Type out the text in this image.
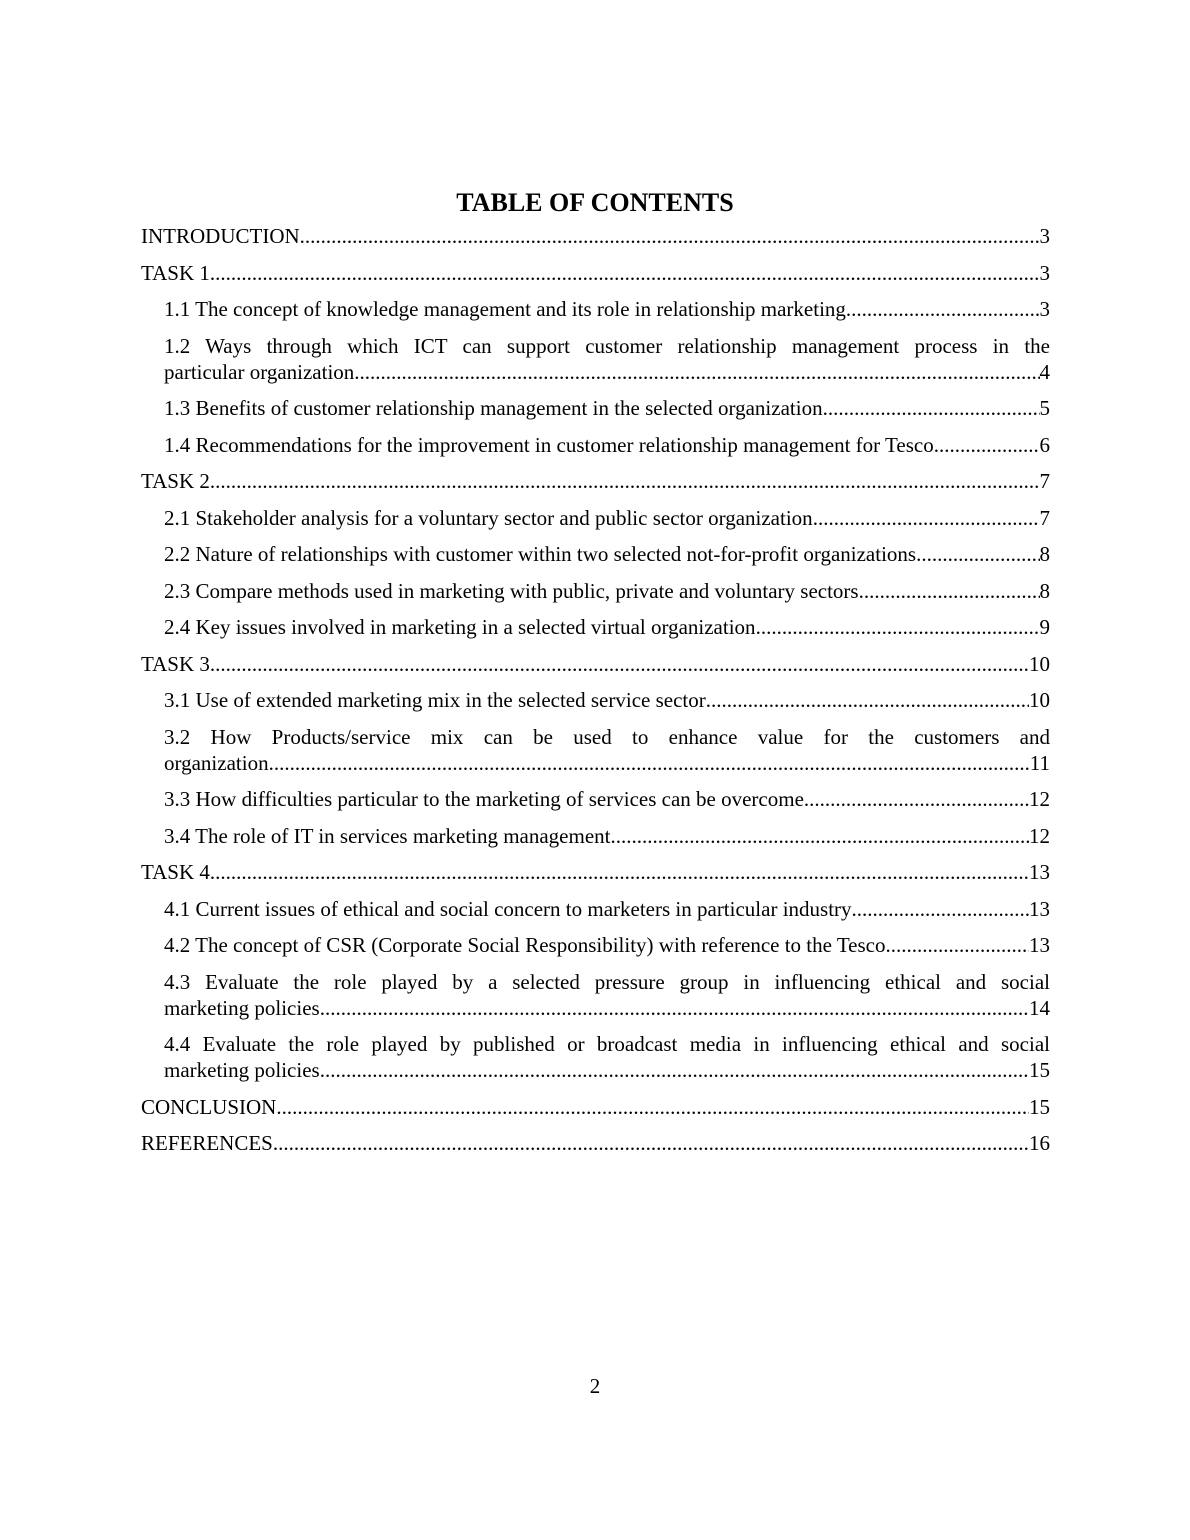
TABLE OF CONTENTS
INTRODUCTION .....	3
TASK 1 .....	3
1.1 The concept of knowledge management and its role in relationship marketing .....	3
1.2 Ways through which ICT can support customer relationship management process in the
particular organization .....	4
1.3 Benefits of customer relationship management in the selected organization .....	5
1.4 Recommendations for the improvement in customer relationship management for Tesco .....	6
TASK 2 .....	7
2.1 Stakeholder analysis for a voluntary sector and public sector organization .....	7
2.2 Nature of relationships with customer within two selected not-for-profit organizations .....	8
2.3 Compare methods used in marketing with public, private and voluntary sectors .....	8
2.4 Key issues involved in marketing in a selected virtual organization .....	9
TASK 3 .....	10
3.1 Use of extended marketing mix in the selected service sector .....	10
3.2 How Products/service mix can be used to enhance value for the customers and
organization .....	11
3.3 How difficulties particular to the marketing of services can be overcome .....	12
3.4 The role of IT in services marketing management .....	12
TASK 4 .....	13
4.1 Current issues of ethical and social concern to marketers in particular industry .....	13
4.2 The concept of CSR (Corporate Social Responsibility) with reference to the Tesco .....	13
4.3 Evaluate the role played by a selected pressure group in influencing ethical and social
marketing policies .....	14
4.4 Evaluate the role played by published or broadcast media in influencing ethical and social
marketing policies .....	15
CONCLUSION .....	15
REFERENCES .....	16
2
